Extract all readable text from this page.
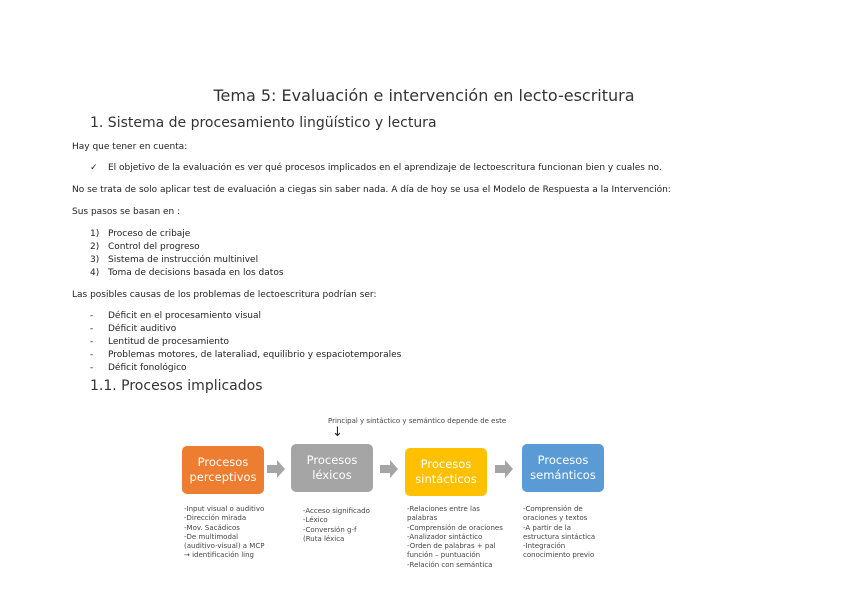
Tema 5: Evaluación e intervención en lecto-escritura
1. Sistema de procesamiento lingüístico y lectura
Hay que tener en cuenta:
✓ El objetivo de la evaluación es ver qué procesos implicados en el aprendizaje de lectoescritura funcionan bien y cuales no.
No se trata de solo aplicar test de evaluación a ciegas sin saber nada. A día de hoy se usa el Modelo de Respuesta a la Intervención:
Sus pasos se basan en :
1) Proceso de cribaje
2) Control del progreso
3) Sistema de instrucción multinivel
4) Toma de decisions basada en los datos
Las posibles causas de los problemas de lectoescritura podrían ser:
- Déficit en el procesamiento visual
- Déficit auditivo
- Lentitud de procesamiento
- Problemas motores, de lateraliad, equilibrio y espaciotemporales
- Déficit fonológico
1.1. Procesos implicados
Principal y sintáctico y semántico depende de este
↓
Procesos
perceptivos
Procesos
léxicos
Procesos
sintácticos
Procesos
semánticos
-Input visual o auditivo
-Dirección mirada
-Mov. Sacádicos
-De multimodal
(auditivo-visual) a MCP
→ identificación ling
-Acceso significado
-Léxico
-Conversión g-f
(Ruta léxica
-Relaciones entre las
palabras
-Comprensión de oraciones
-Analizador sintáctico
-Orden de palabras + pal
función – puntuación
-Relación con semántica
-Comprensión de
oraciones y textos
-A partir de la
estructura sintáctica
-Integración
conocimiento previo
